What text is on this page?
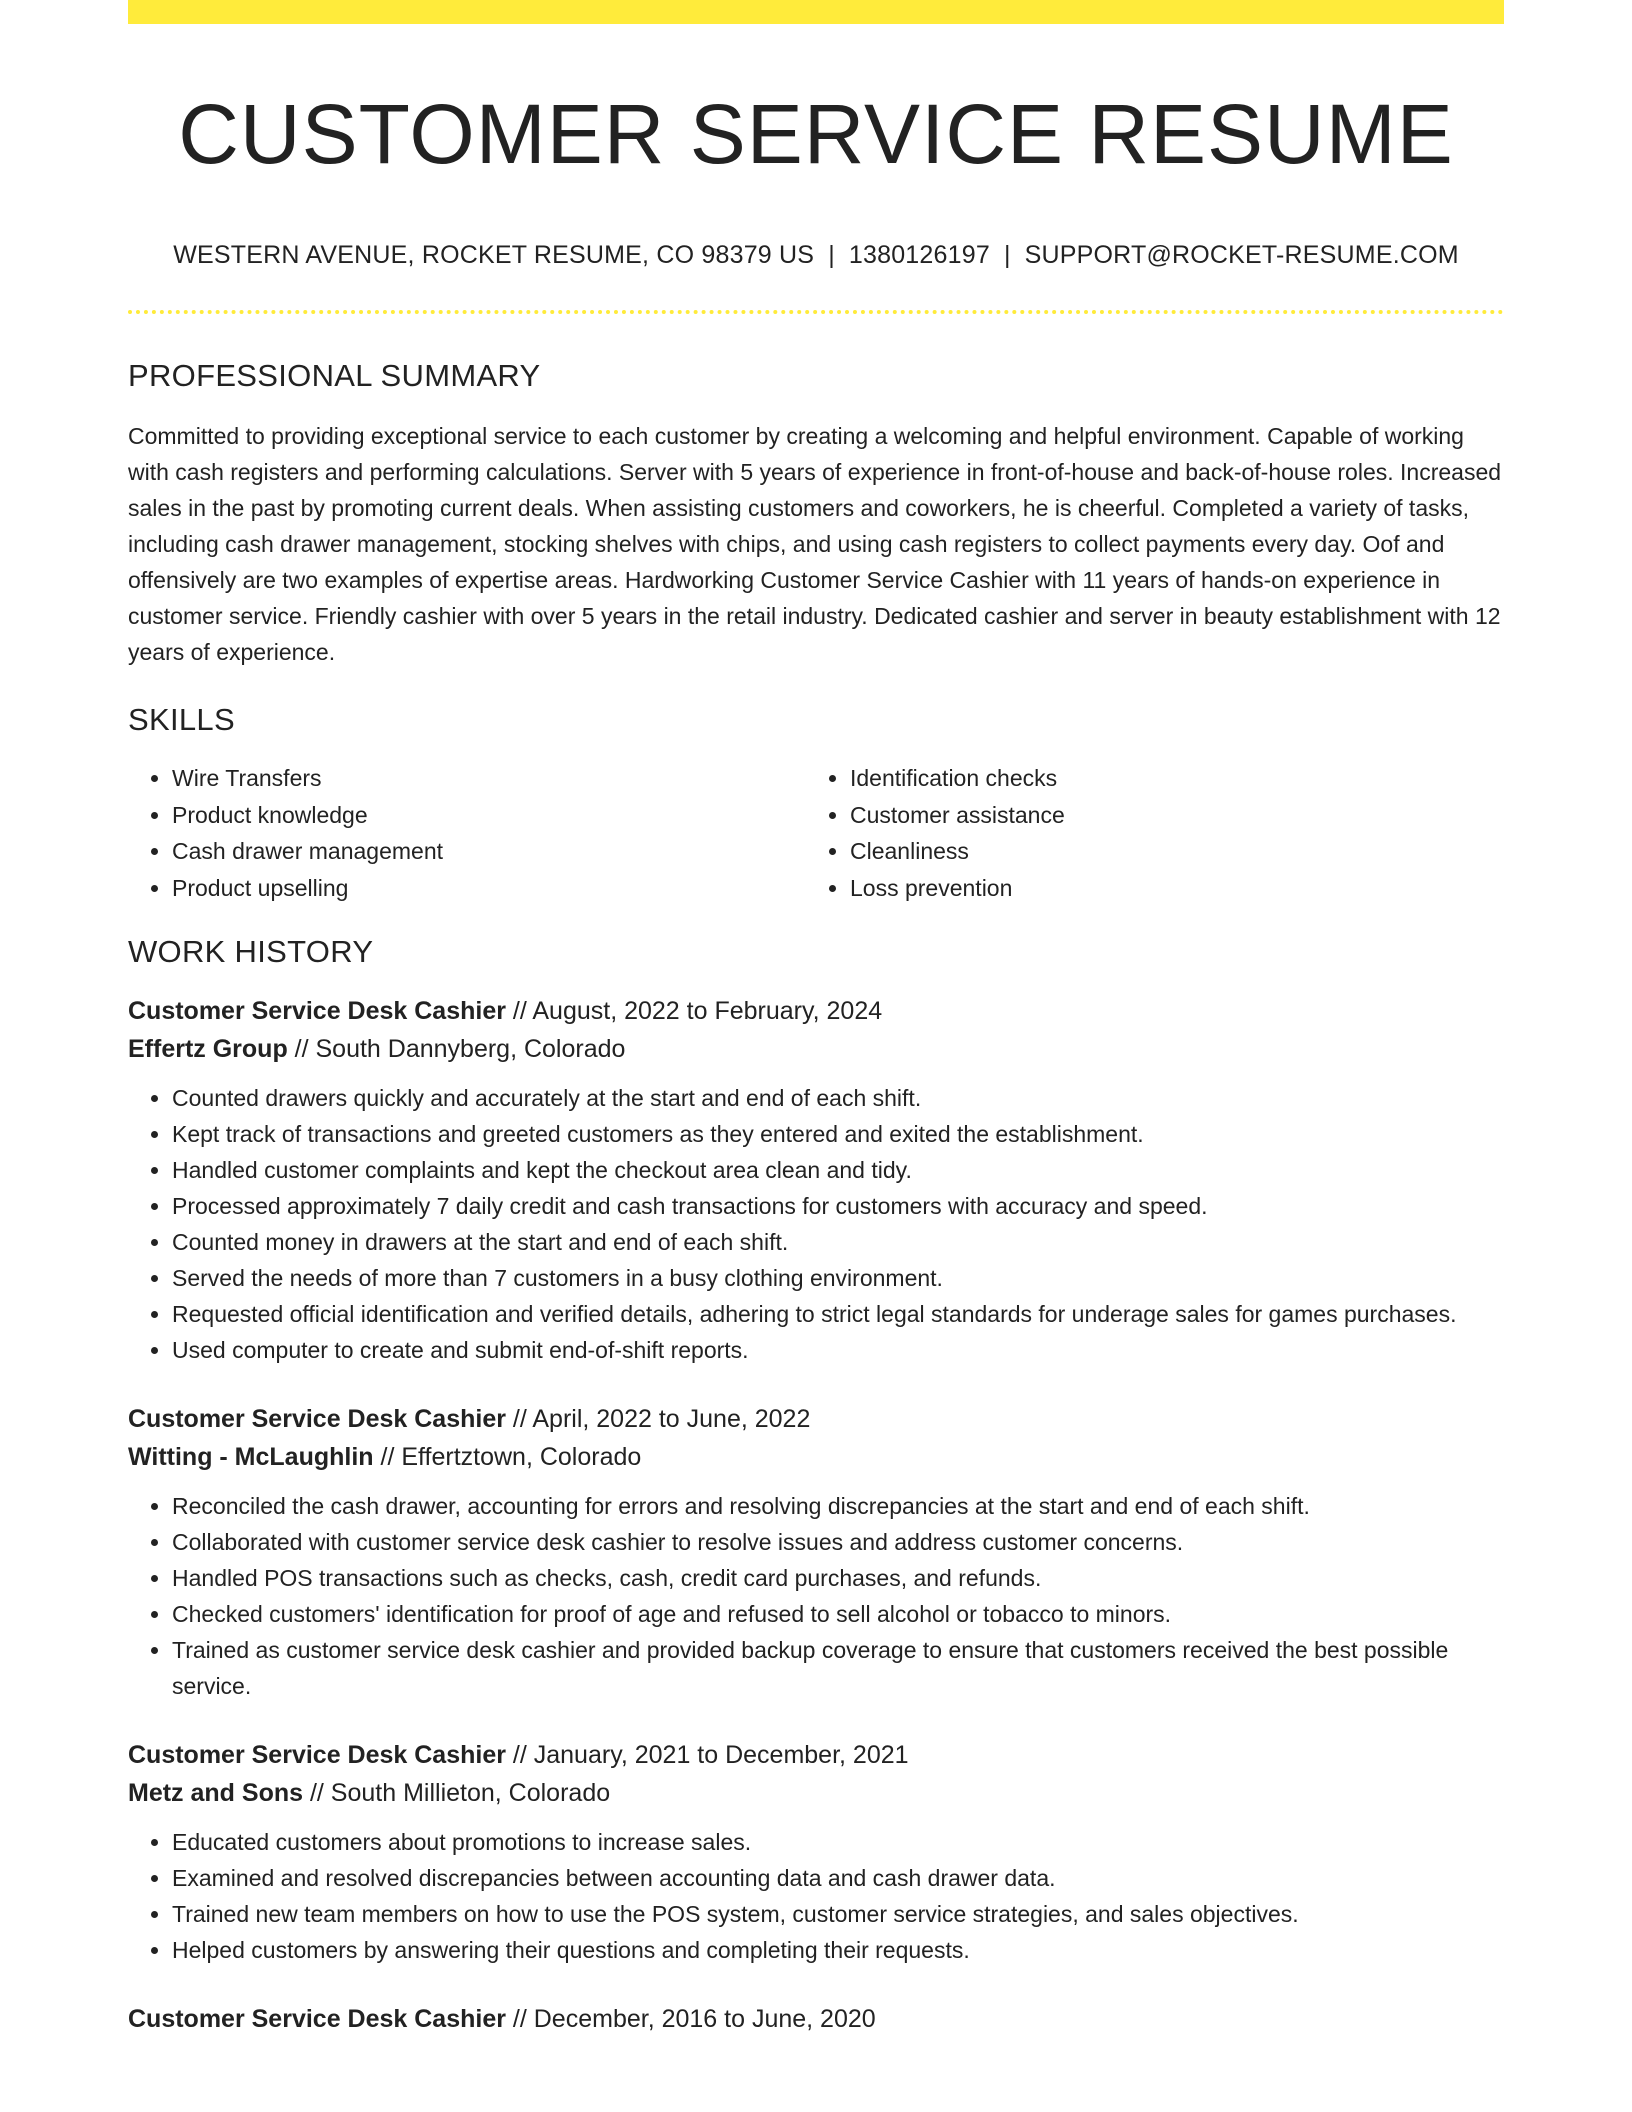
CUSTOMER SERVICE RESUME
WESTERN AVENUE, ROCKET RESUME, CO 98379 US | 1380126197 | SUPPORT@ROCKET-RESUME.COM
PROFESSIONAL SUMMARY
Committed to providing exceptional service to each customer by creating a welcoming and helpful environment. Capable of working with cash registers and performing calculations. Server with 5 years of experience in front-of-house and back-of-house roles. Increased sales in the past by promoting current deals. When assisting customers and coworkers, he is cheerful. Completed a variety of tasks, including cash drawer management, stocking shelves with chips, and using cash registers to collect payments every day. Oof and offensively are two examples of expertise areas. Hardworking Customer Service Cashier with 11 years of hands-on experience in customer service. Friendly cashier with over 5 years in the retail industry. Dedicated cashier and server in beauty establishment with 12 years of experience.
SKILLS
• Wire Transfers
• Product knowledge
• Cash drawer management
• Product upselling
• Identification checks
• Customer assistance
• Cleanliness
• Loss prevention
WORK HISTORY
Customer Service Desk Cashier // August, 2022 to February, 2024
Effertz Group // South Dannyberg, Colorado
• Counted drawers quickly and accurately at the start and end of each shift.
• Kept track of transactions and greeted customers as they entered and exited the establishment.
• Handled customer complaints and kept the checkout area clean and tidy.
• Processed approximately 7 daily credit and cash transactions for customers with accuracy and speed.
• Counted money in drawers at the start and end of each shift.
• Served the needs of more than 7 customers in a busy clothing environment.
• Requested official identification and verified details, adhering to strict legal standards for underage sales for games purchases.
• Used computer to create and submit end-of-shift reports.
Customer Service Desk Cashier // April, 2022 to June, 2022
Witting - McLaughlin // Effertztown, Colorado
• Reconciled the cash drawer, accounting for errors and resolving discrepancies at the start and end of each shift.
• Collaborated with customer service desk cashier to resolve issues and address customer concerns.
• Handled POS transactions such as checks, cash, credit card purchases, and refunds.
• Checked customers' identification for proof of age and refused to sell alcohol or tobacco to minors.
• Trained as customer service desk cashier and provided backup coverage to ensure that customers received the best possible service.
Customer Service Desk Cashier // January, 2021 to December, 2021
Metz and Sons // South Millieton, Colorado
• Educated customers about promotions to increase sales.
• Examined and resolved discrepancies between accounting data and cash drawer data.
• Trained new team members on how to use the POS system, customer service strategies, and sales objectives.
• Helped customers by answering their questions and completing their requests.
Customer Service Desk Cashier // December, 2016 to June, 2020
